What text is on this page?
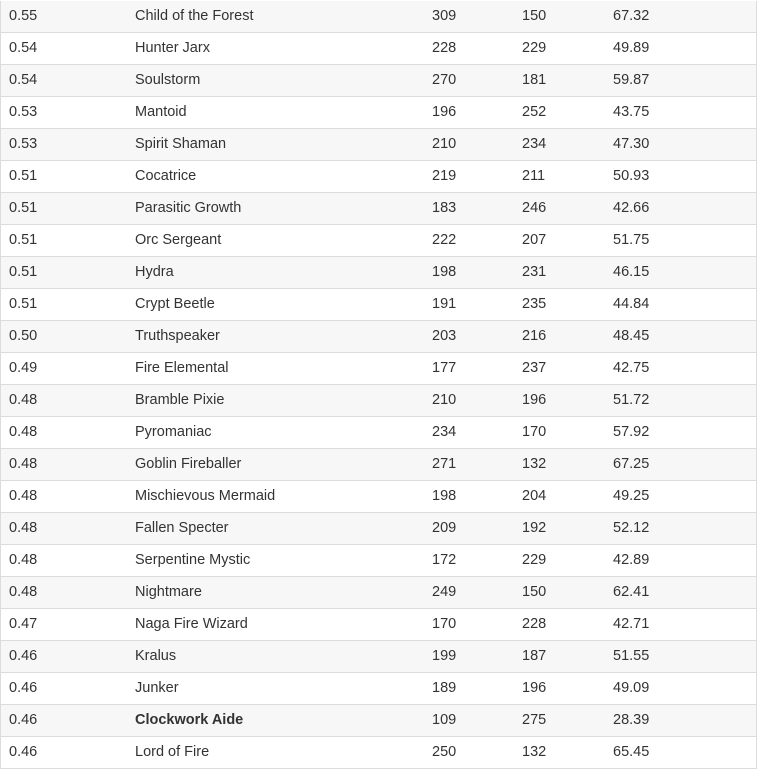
0.55	Child of the Forest	309	150	67.32
0.54	Hunter Jarx	228	229	49.89
0.54	Soulstorm	270	181	59.87
0.53	Mantoid	196	252	43.75
0.53	Spirit Shaman	210	234	47.30
0.51	Cocatrice	219	211	50.93
0.51	Parasitic Growth	183	246	42.66
0.51	Orc Sergeant	222	207	51.75
0.51	Hydra	198	231	46.15
0.51	Crypt Beetle	191	235	44.84
0.50	Truthspeaker	203	216	48.45
0.49	Fire Elemental	177	237	42.75
0.48	Bramble Pixie	210	196	51.72
0.48	Pyromaniac	234	170	57.92
0.48	Goblin Fireballer	271	132	67.25
0.48	Mischievous Mermaid	198	204	49.25
0.48	Fallen Specter	209	192	52.12
0.48	Serpentine Mystic	172	229	42.89
0.48	Nightmare	249	150	62.41
0.47	Naga Fire Wizard	170	228	42.71
0.46	Kralus	199	187	51.55
0.46	Junker	189	196	49.09
0.46	Clockwork Aide	109	275	28.39
0.46	Lord of Fire	250	132	65.45
